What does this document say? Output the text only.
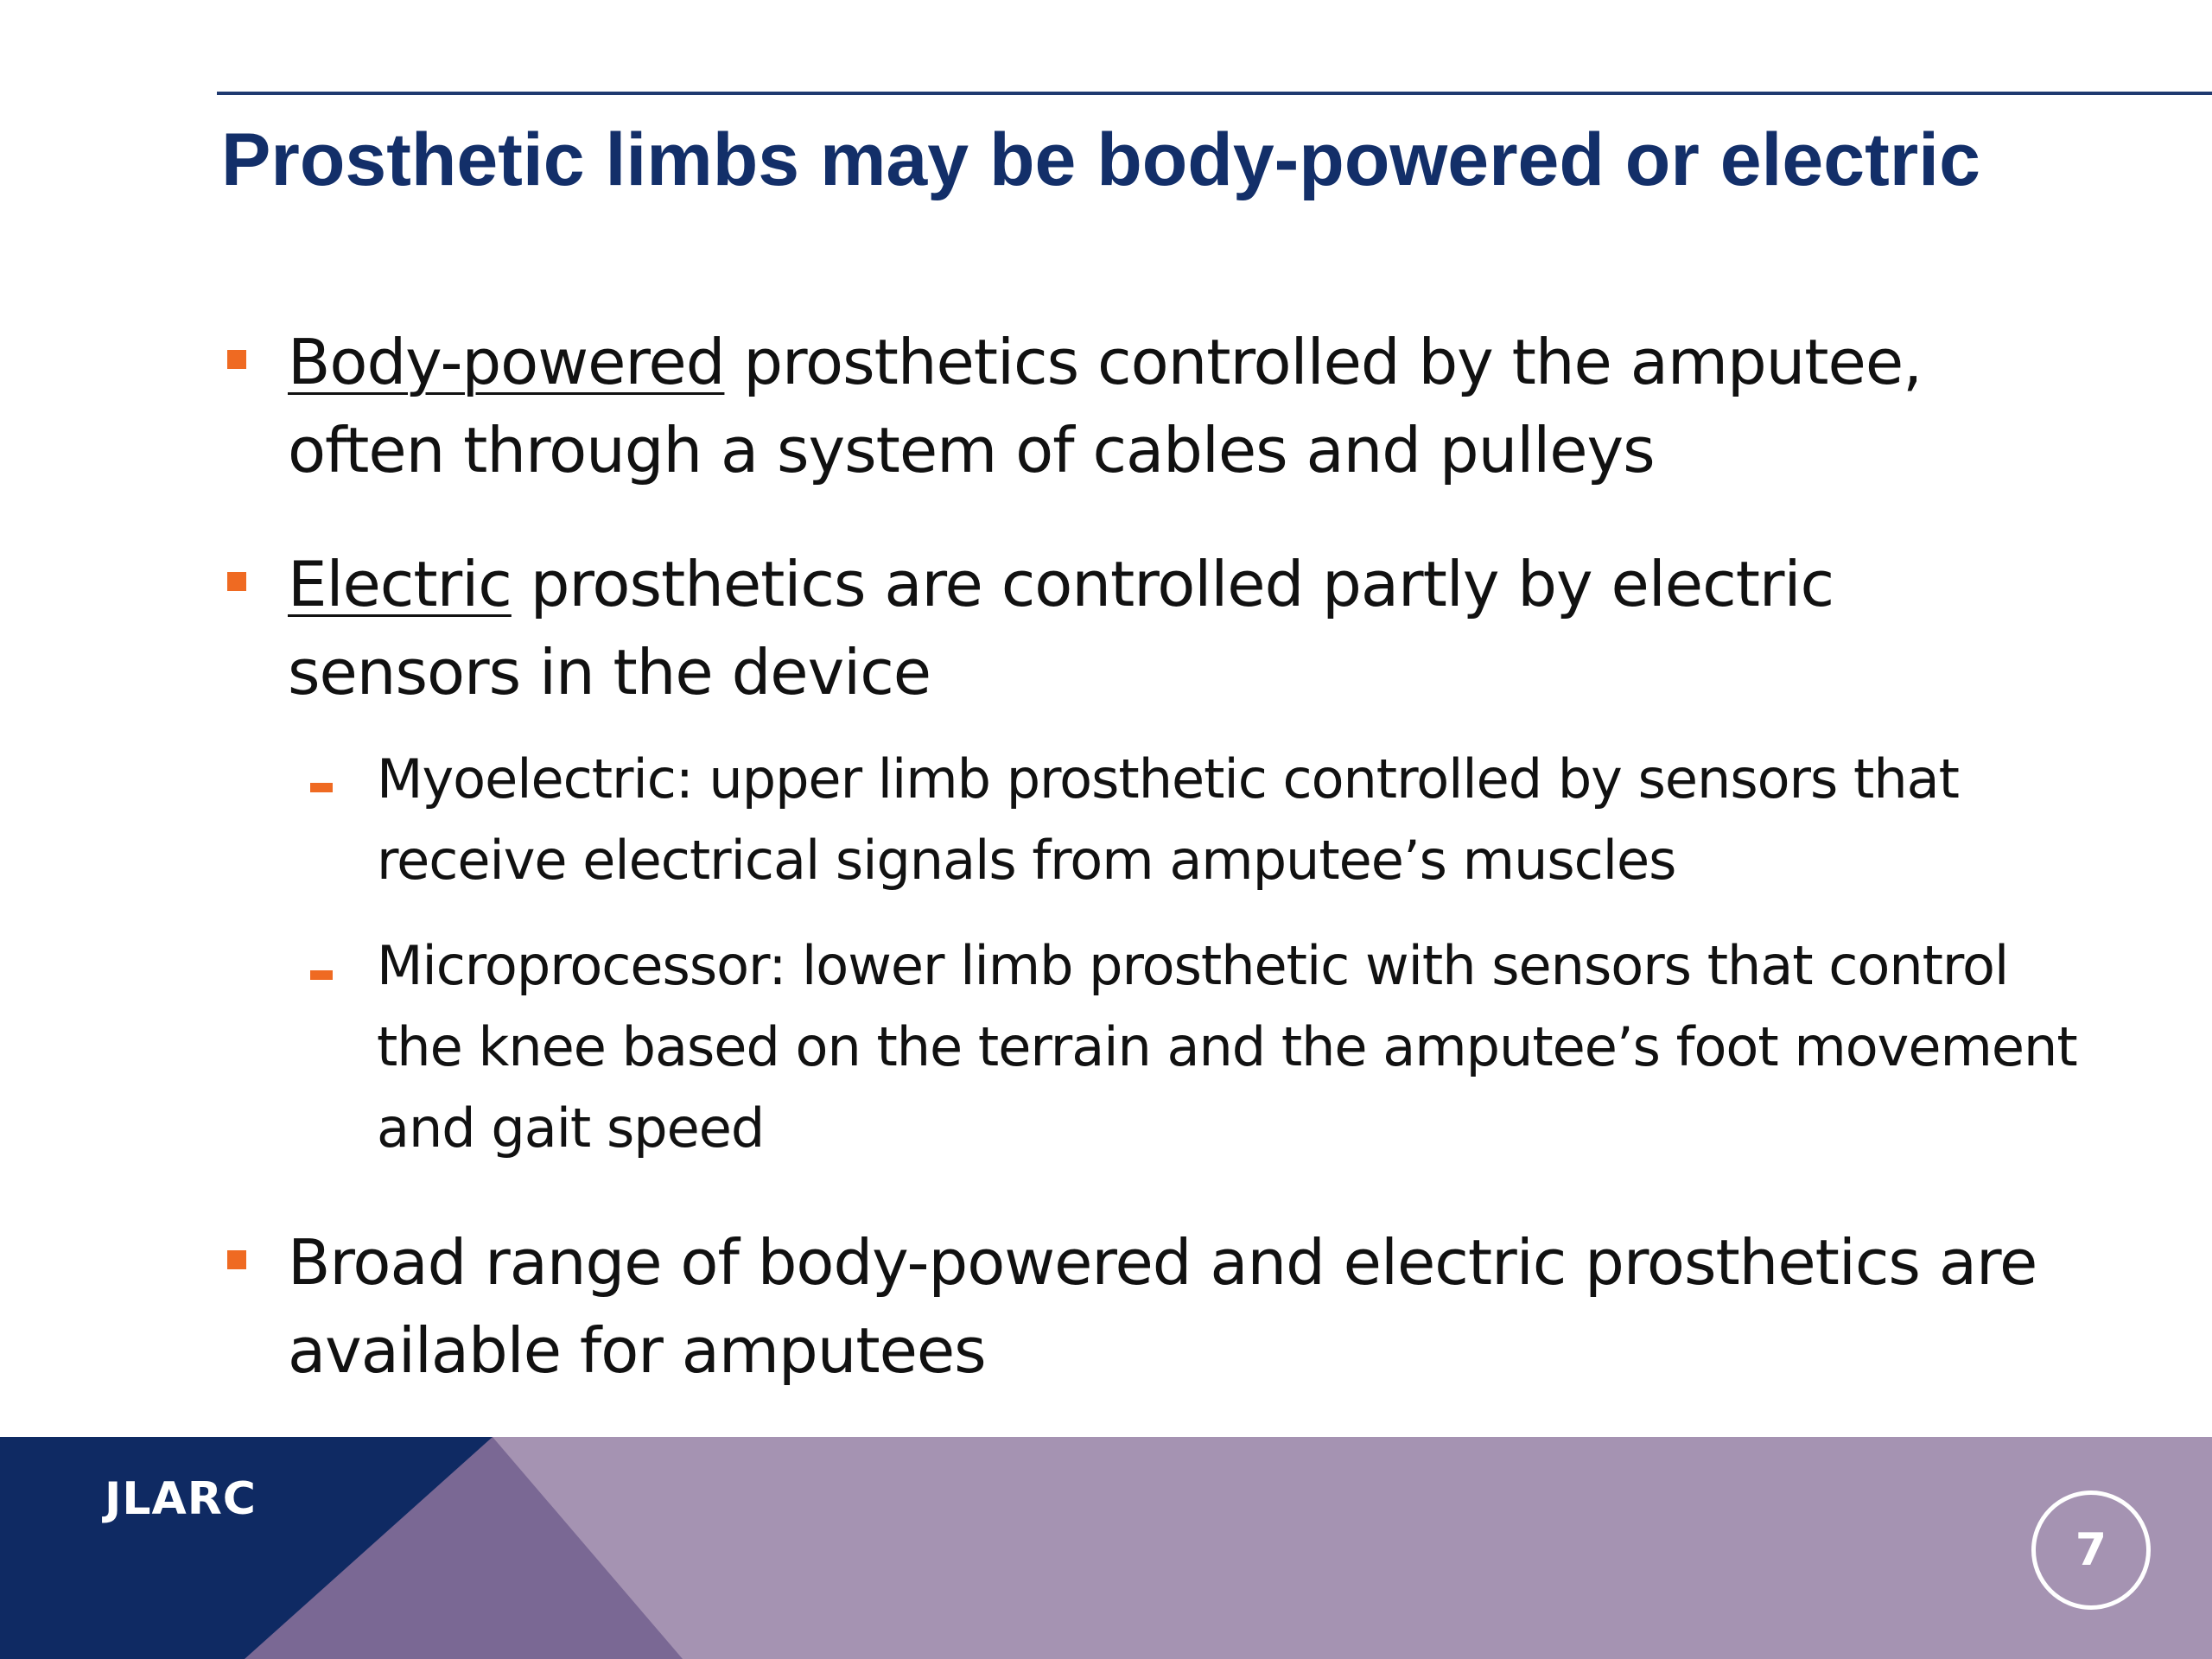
Prosthetic limbs may be body-powered or electric
Body-powered prosthetics controlled by the amputee, often through a system of cables and pulleys
Electric prosthetics are controlled partly by electric sensors in the device
Myoelectric: upper limb prosthetic controlled by sensors that receive electrical signals from amputee’s muscles
Microprocessor: lower limb prosthetic with sensors that control the knee based on the terrain and the amputee’s foot movement and gait speed
Broad range of body-powered and electric prosthetics are available for amputees
JLARC
7
